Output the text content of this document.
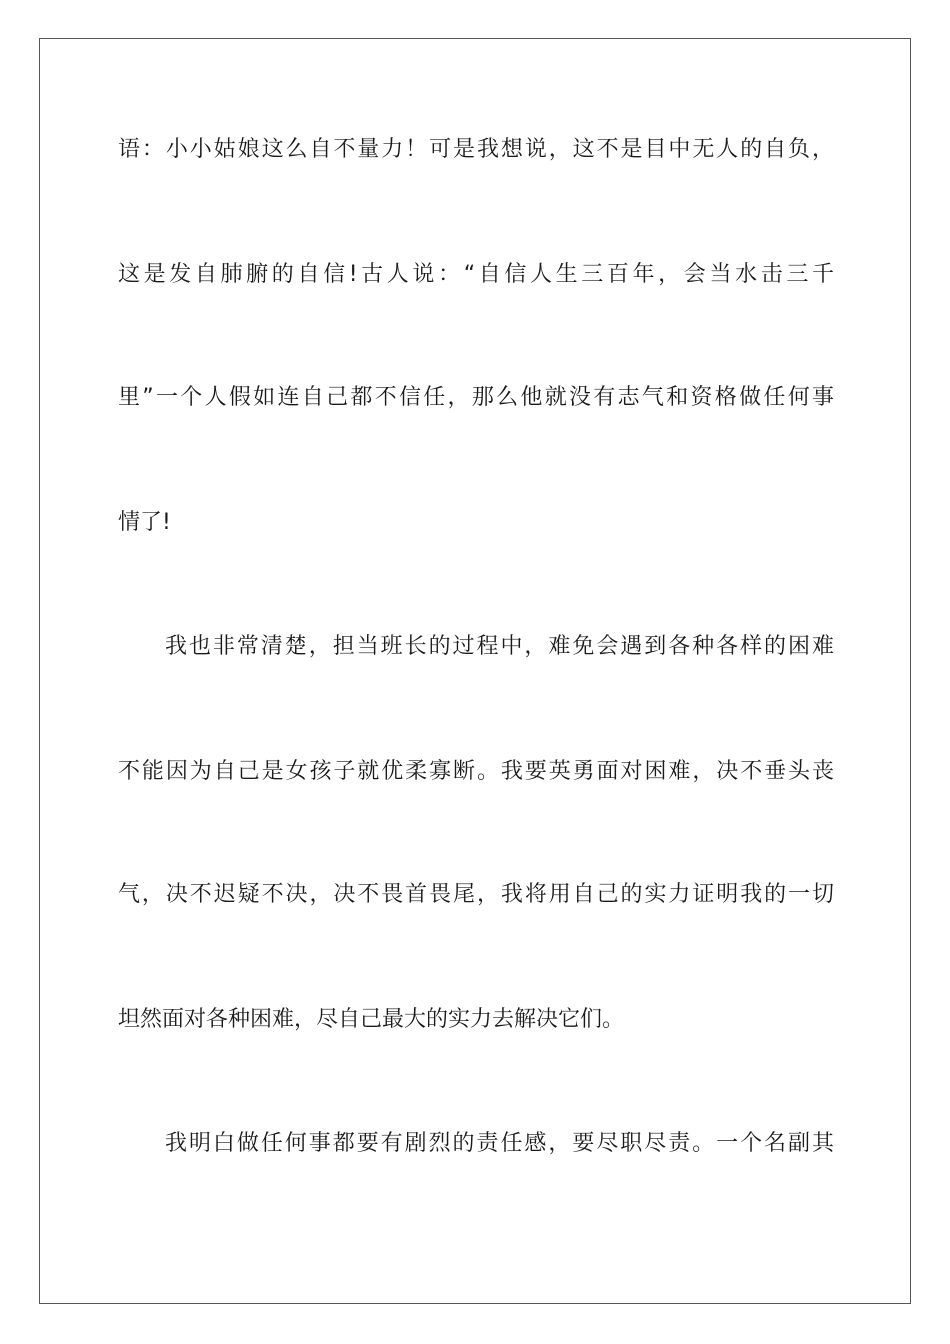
语：小小姑娘这么自不量力！可是我想说，这不是目中无人的自负，
这是发自肺腑的自信!古人说：“自信人生三百年，会当水击三千
里”一个人假如连自己都不信任，那么他就没有志气和资格做任何事
情了!
我也非常清楚，担当班长的过程中，难免会遇到各种各样的困难
不能因为自己是女孩子就优柔寡断。我要英勇面对困难，决不垂头丧
气，决不迟疑不决，决不畏首畏尾，我将用自己的实力证明我的一切
坦然面对各种困难，尽自己最大的实力去解决它们。
我明白做任何事都要有剧烈的责任感，要尽职尽责。一个名副其
